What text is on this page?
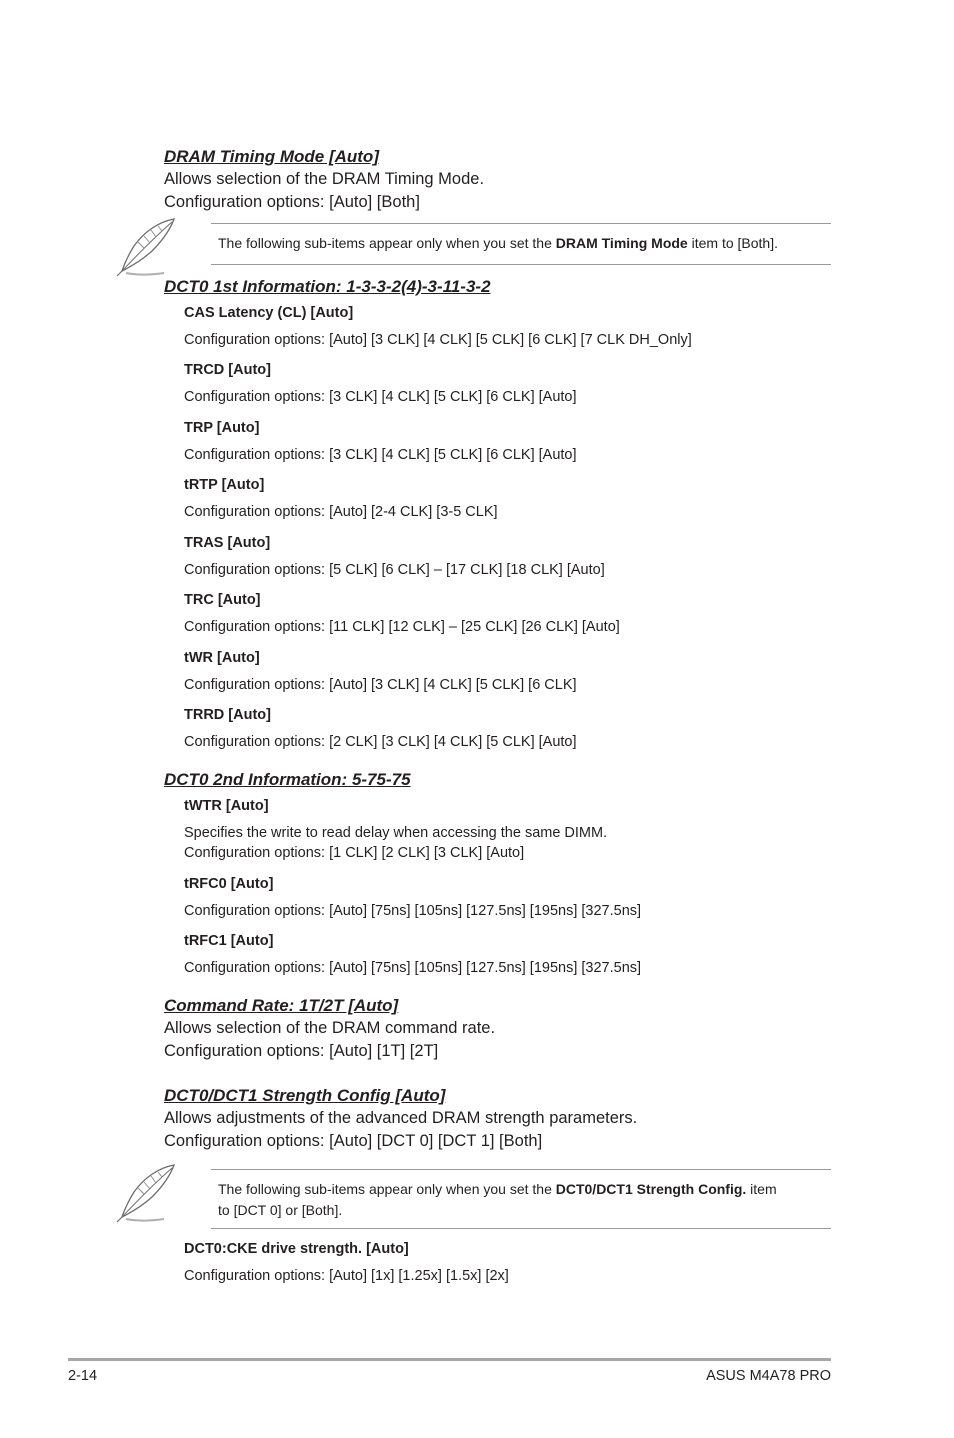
DRAM Timing Mode [Auto]
Allows selection of the DRAM Timing Mode.
Configuration options: [Auto] [Both]
The following sub-items appear only when you set the DRAM Timing Mode item to [Both].
DCT0 1st Information: 1-3-3-2(4)-3-11-3-2
CAS Latency (CL) [Auto]
Configuration options: [Auto] [3 CLK] [4 CLK] [5 CLK] [6 CLK] [7 CLK DH_Only]
TRCD [Auto]
Configuration options: [3 CLK] [4 CLK] [5 CLK] [6 CLK] [Auto]
TRP [Auto]
Configuration options: [3 CLK] [4 CLK] [5 CLK] [6 CLK] [Auto]
tRTP [Auto]
Configuration options: [Auto] [2-4 CLK] [3-5 CLK]
TRAS [Auto]
Configuration options: [5 CLK] [6 CLK] – [17 CLK] [18 CLK] [Auto]
TRC [Auto]
Configuration options: [11 CLK] [12 CLK] – [25 CLK] [26 CLK] [Auto]
tWR [Auto]
Configuration options: [Auto] [3 CLK] [4 CLK] [5 CLK] [6 CLK]
TRRD [Auto]
Configuration options: [2 CLK] [3 CLK] [4 CLK] [5 CLK] [Auto]
DCT0 2nd Information: 5-75-75
tWTR [Auto]
Specifies the write to read delay when accessing the same DIMM.
Configuration options: [1 CLK] [2 CLK] [3 CLK] [Auto]
tRFC0 [Auto]
Configuration options: [Auto] [75ns] [105ns] [127.5ns] [195ns] [327.5ns]
tRFC1 [Auto]
Configuration options: [Auto] [75ns] [105ns] [127.5ns] [195ns] [327.5ns]
Command Rate: 1T/2T [Auto]
Allows selection of the DRAM command rate.
Configuration options: [Auto] [1T] [2T]
DCT0/DCT1 Strength Config [Auto]
Allows adjustments of the advanced DRAM strength parameters.
Configuration options: [Auto] [DCT 0] [DCT 1] [Both]
The following sub-items appear only when you set the DCT0/DCT1 Strength Config. item
to [DCT 0] or [Both].
DCT0:CKE drive strength. [Auto]
Configuration options: [Auto] [1x] [1.25x] [1.5x] [2x]
2-14	ASUS M4A78 PRO
